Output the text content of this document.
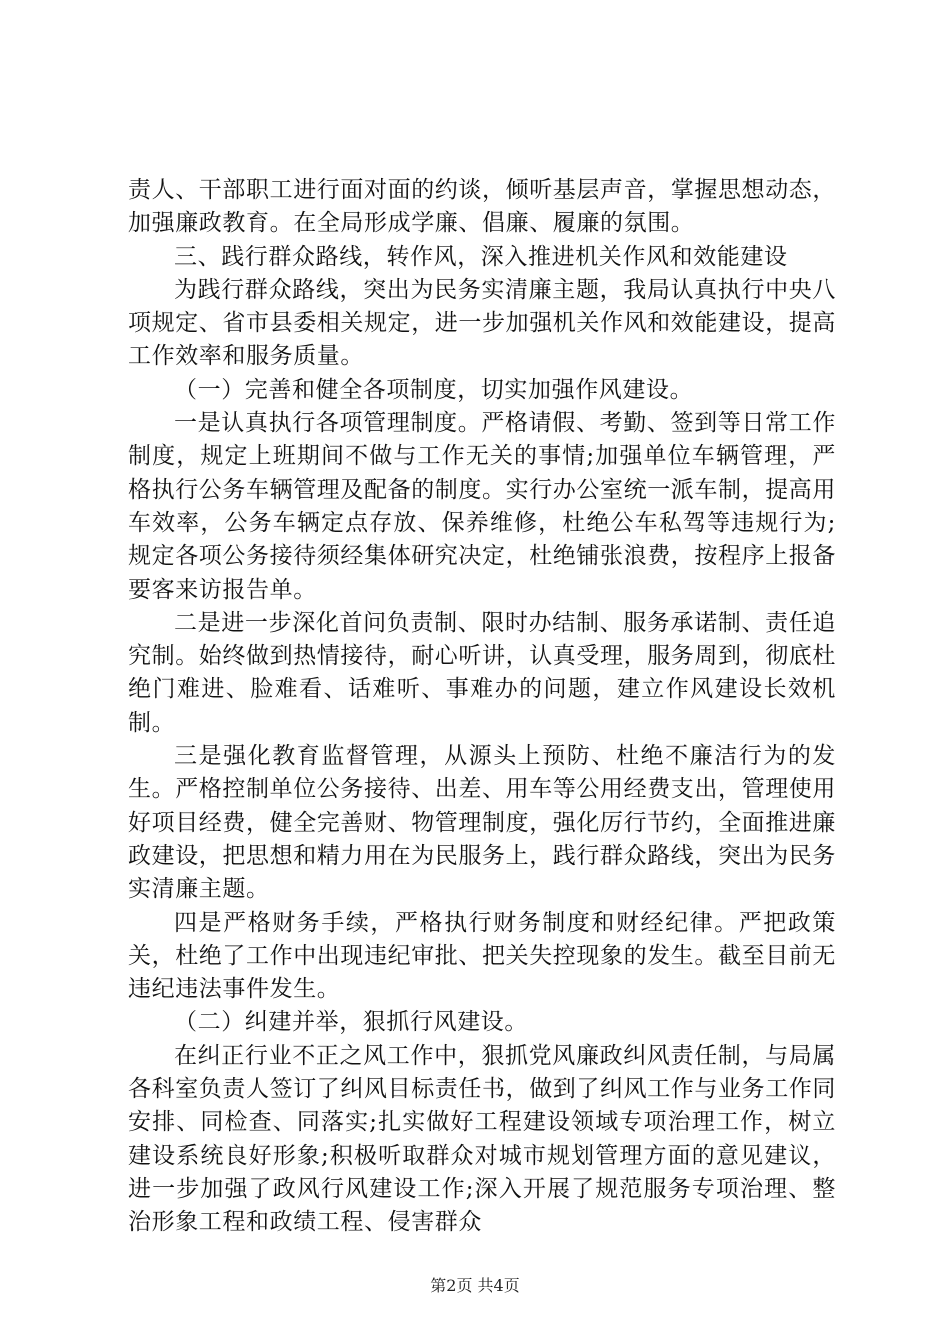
责人、干部职工进行面对面的约谈，倾听基层声音，掌握思想动态，加强廉政教育。在全局形成学廉、倡廉、履廉的氛围。

三、践行群众路线，转作风，深入推进机关作风和效能建设

为践行群众路线，突出为民务实清廉主题，我局认真执行中央八项规定、省市县委相关规定，进一步加强机关作风和效能建设，提高工作效率和服务质量。

（一）完善和健全各项制度，切实加强作风建设。

一是认真执行各项管理制度。严格请假、考勤、签到等日常工作制度，规定上班期间不做与工作无关的事情;加强单位车辆管理，严格执行公务车辆管理及配备的制度。实行办公室统一派车制，提高用车效率，公务车辆定点存放、保养维修，杜绝公车私驾等违规行为;规定各项公务接待须经集体研究决定，杜绝铺张浪费，按程序上报备要客来访报告单。

二是进一步深化首问负责制、限时办结制、服务承诺制、责任追究制。始终做到热情接待，耐心听讲，认真受理，服务周到，彻底杜绝门难进、脸难看、话难听、事难办的问题，建立作风建设长效机制。

三是强化教育监督管理，从源头上预防、杜绝不廉洁行为的发生。严格控制单位公务接待、出差、用车等公用经费支出，管理使用好项目经费，健全完善财、物管理制度，强化厉行节约，全面推进廉政建设，把思想和精力用在为民服务上，践行群众路线，突出为民务实清廉主题。

四是严格财务手续，严格执行财务制度和财经纪律。严把政策关，杜绝了工作中出现违纪审批、把关失控现象的发生。截至目前无违纪违法事件发生。

（二）纠建并举，狠抓行风建设。

在纠正行业不正之风工作中，狠抓党风廉政纠风责任制，与局属各科室负责人签订了纠风目标责任书，做到了纠风工作与业务工作同安排、同检查、同落实;扎实做好工程建设领域专项治理工作，树立建设系统良好形象;积极听取群众对城市规划管理方面的意见建议，进一步加强了政风行风建设工作;深入开展了规范服务专项治理、整治形象工程和政绩工程、侵害群众

第2页 共4页
